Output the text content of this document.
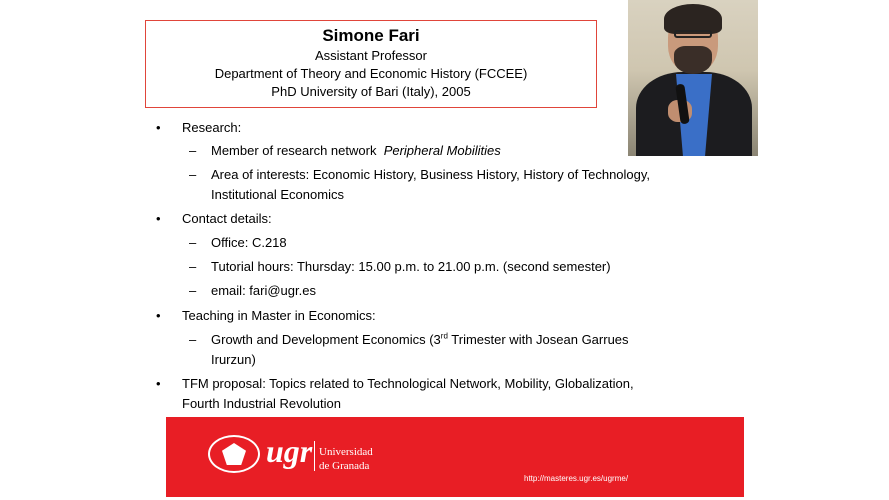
Simone Fari
Assistant Professor
Department of Theory and Economic History (FCCEE)
PhD University of Bari (Italy), 2005
• Research:
– Member of research network Peripheral Mobilities
– Area of interests: Economic History, Business History, History of Technology,
Institutional Economics
• Contact details:
– Office: C.218
– Tutorial hours: Thursday: 15.00 p.m. to 21.00 p.m. (second semester)
– email: fari@ugr.es
• Teaching in Master in Economics:
– Growth and Development Economics (3rd Trimester with Josean Garrues
Irurzun)
• TFM proposal: Topics related to Technological Network, Mobility, Globalization,
Fourth Industrial Revolution
ugr Universidad
de Granada
http://masteres.ugr.es/ugrme/
